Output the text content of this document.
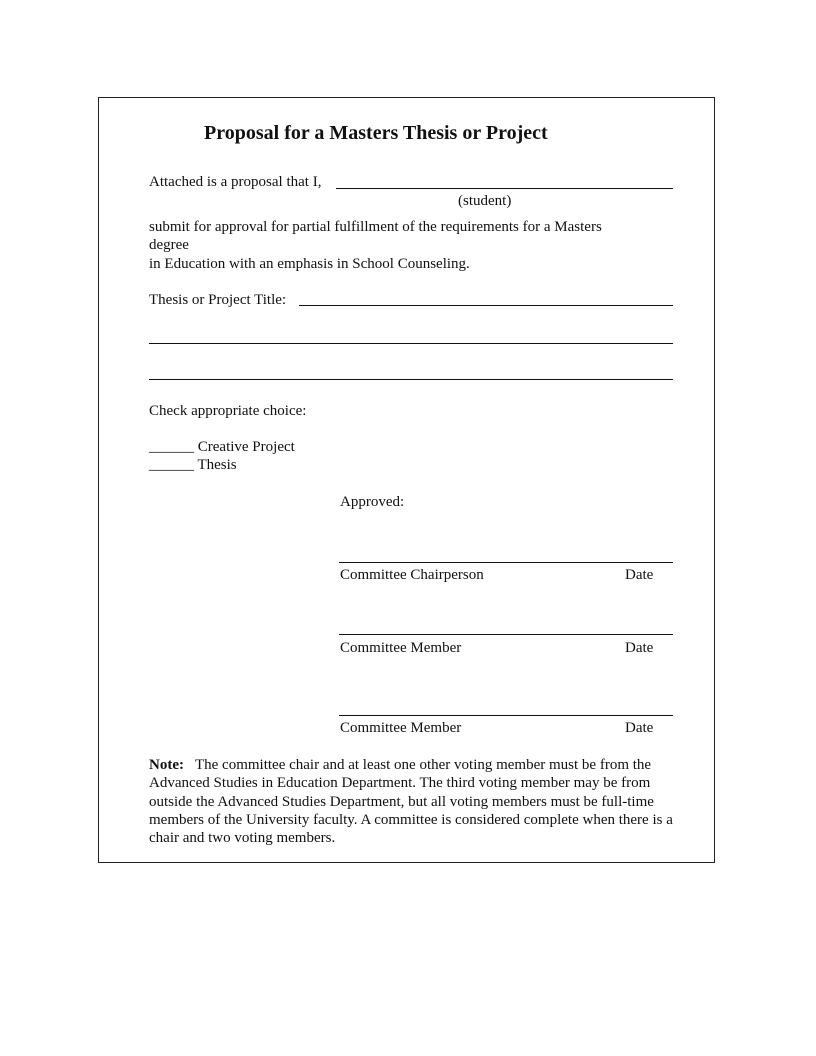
Proposal for a Masters Thesis or Project
Attached is a proposal that I,
(student)
submit for approval for partial fulfillment of the requirements for a Masters
degree
in Education with an emphasis in School Counseling.
Thesis or Project Title:
Check appropriate choice:
______ Creative Project
______ Thesis
Approved:
Committee Chairperson	Date
Committee Member	Date
Committee Member	Date
Note: The committee chair and at least one other voting member must be from the Advanced Studies in Education Department. The third voting member may be from outside the Advanced Studies Department, but all voting members must be full-time members of the University faculty. A committee is considered complete when there is a chair and two voting members.
